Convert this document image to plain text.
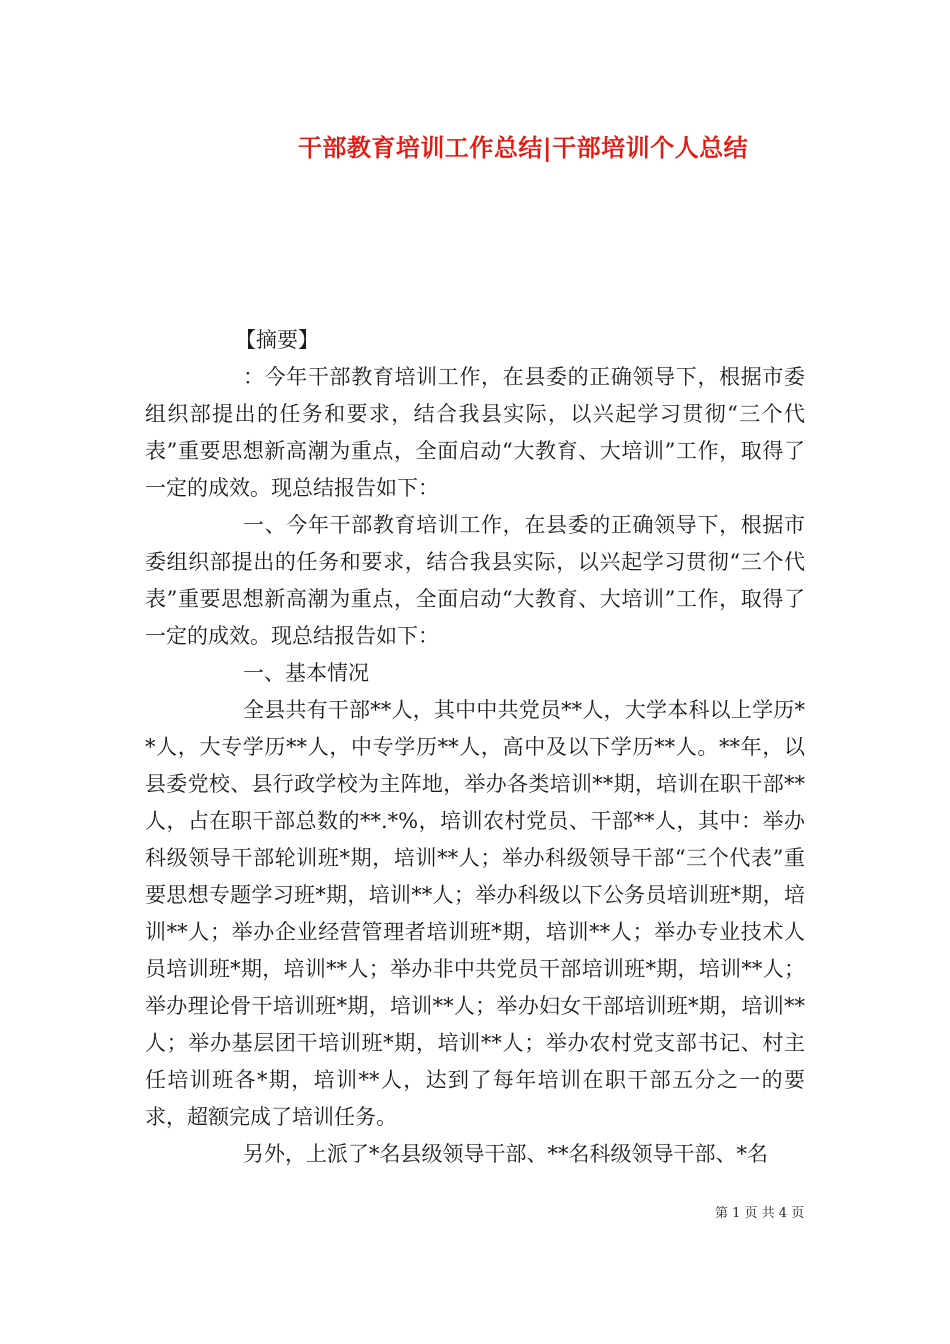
干部教育培训工作总结|干部培训个人总结

【摘要】

：今年干部教育培训工作，在县委的正确领导下，根据市委组织部提出的任务和要求，结合我县实际，以兴起学习贯彻“三个代表”重要思想新高潮为重点，全面启动“大教育、大培训”工作，取得了一定的成效。现总结报告如下：

一、今年干部教育培训工作，在县委的正确领导下，根据市委组织部提出的任务和要求，结合我县实际，以兴起学习贯彻“三个代表”重要思想新高潮为重点，全面启动“大教育、大培训”工作，取得了一定的成效。现总结报告如下：

一、基本情况

全县共有干部**人，其中中共党员**人，大学本科以上学历**人，大专学历**人，中专学历**人，高中及以下学历**人。**年，以县委党校、县行政学校为主阵地，举办各类培训**期，培训在职干部**人，占在职干部总数的**.*%，培训农村党员、干部**人，其中：举办科级领导干部轮训班*期，培训**人；举办科级领导干部“三个代表”重要思想专题学习班*期，培训**人；举办科级以下公务员培训班*期，培训**人；举办企业经营管理者培训班*期，培训**人；举办专业技术人员培训班*期，培训**人；举办非中共党员干部培训班*期，培训**人；举办理论骨干培训班*期，培训**人；举办妇女干部培训班*期，培训**人；举办基层团干培训班*期，培训**人；举办农村党支部书记、村主任培训班各*期，培训**人，达到了每年培训在职干部五分之一的要求，超额完成了培训任务。

另外，上派了*名县级领导干部、**名科级领导干部、*名

第 1 页 共 4 页
